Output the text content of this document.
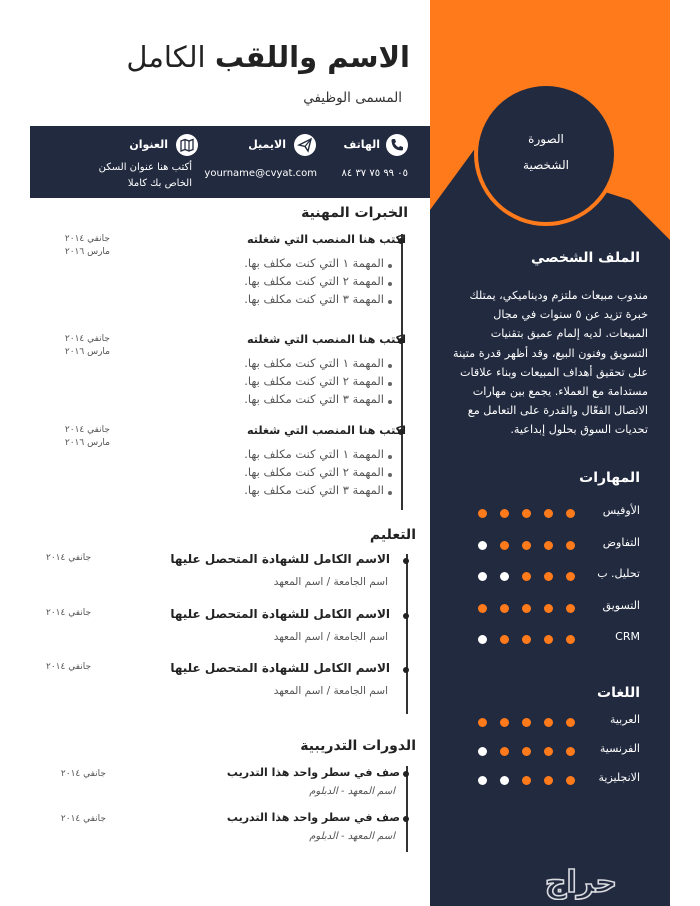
الصورة
الشخصية
الملف الشخصي
مندوب مبيعات ملتزم وديناميكي، يمتلك خبرة تزيد عن ٥ سنوات في مجال المبيعات. لديه إلمام عميق بتقنيات التسويق وفنون البيع، وقد أظهر قدرة متينة على تحقيق أهداف المبيعات وبناء علاقات مستدامة مع العملاء. يجمع بين مهارات الاتصال الفعّال والقدرة على التعامل مع تحديات السوق بحلول إبداعية.
المهارات
الأوفيس
التفاوض
تحليل. ب
التسويق
CRM
اللغات
العربية
الفرنسية
الانجليزية
حراج
الاسم واللقب الكامل
المسمى الوظيفي
الهاتف
٠٥ ٩٩ ٧٥ ٣٧ ٨٤
الايميل
yourname@cvyat.com
العنوان
أكتب هنا عنوان السكن
الخاص بك كاملا
الخبرات المهنية
اكتب هنا المنصب التي شغلته
جانفي ٢٠١٤
مارس ٢٠١٦
المهمة ١ التي كنت مكلف بها.
المهمة ٢ التي كنت مكلف بها.
المهمة ٣ التي كنت مكلف بها.
اكتب هنا المنصب التي شغلته
جانفي ٢٠١٤
مارس ٢٠١٦
المهمة ١ التي كنت مكلف بها.
المهمة ٢ التي كنت مكلف بها.
المهمة ٣ التي كنت مكلف بها.
اكتب هنا المنصب التي شغلته
جانفي ٢٠١٤
مارس ٢٠١٦
المهمة ١ التي كنت مكلف بها.
المهمة ٢ التي كنت مكلف بها.
المهمة ٣ التي كنت مكلف بها.
التعليم
الاسم الكامل للشهادة المتحصل عليها
اسم الجامعة / اسم المعهد
جانفي ٢٠١٤
الاسم الكامل للشهادة المتحصل عليها
اسم الجامعة / اسم المعهد
جانفي ٢٠١٤
الاسم الكامل للشهادة المتحصل عليها
اسم الجامعة / اسم المعهد
جانفي ٢٠١٤
الدورات التدريبية
صف في سطر واحد هذا التدريب
اسم المعهد - الدبلوم
جانفي ٢٠١٤
صف في سطر واحد هذا التدريب
اسم المعهد - الدبلوم
جانفي ٢٠١٤
